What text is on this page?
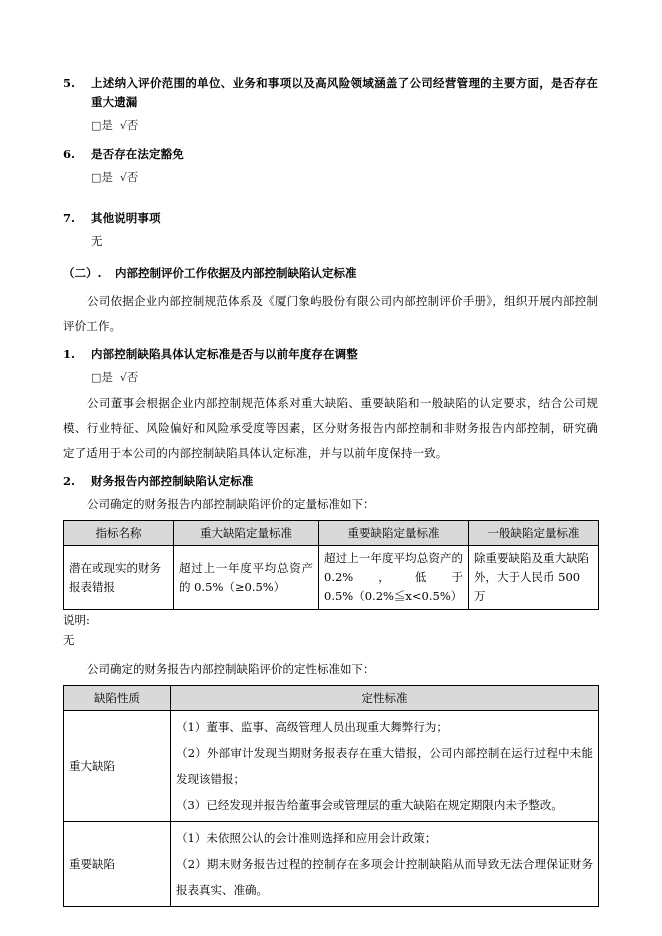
5.	上述纳入评价范围的单位、业务和事项以及高风险领域涵盖了公司经营管理的主要方面，是否存在重大遗漏
□是 √否
6.	是否存在法定豁免
□是 √否
7.	其他说明事项
无
（二）. 内部控制评价工作依据及内部控制缺陷认定标准
公司依据企业内部控制规范体系及《厦门象屿股份有限公司内部控制评价手册》，组织开展内部控制评价工作。
1.	内部控制缺陷具体认定标准是否与以前年度存在调整
□是 √否
公司董事会根据企业内部控制规范体系对重大缺陷、重要缺陷和一般缺陷的认定要求，结合公司规模、行业特征、风险偏好和风险承受度等因素，区分财务报告内部控制和非财务报告内部控制，研究确定了适用于本公司的内部控制缺陷具体认定标准，并与以前年度保持一致。
2.	财务报告内部控制缺陷认定标准
公司确定的财务报告内部控制缺陷评价的定量标准如下：
指标名称	重大缺陷定量标准	重要缺陷定量标准	一般缺陷定量标准
潜在或现实的财务报表错报	超过上一年度平均总资产的 0.5%（≥0.5%）	超过上一年度平均总资产的 0.2%，低于 0.5%（0.2%≦x<0.5%）	除重要缺陷及重大缺陷外，大于人民币 500 万
说明:
无
公司确定的财务报告内部控制缺陷评价的定性标准如下：
缺陷性质	定性标准
重大缺陷	（1）董事、监事、高级管理人员出现重大舞弊行为；
（2）外部审计发现当期财务报表存在重大错报，公司内部控制在运行过程中未能发现该错报；
（3）已经发现并报告给董事会或管理层的重大缺陷在规定期限内未予整改。

重要缺陷	（1）未依照公认的会计准则选择和应用会计政策；
（2）期末财务报告过程的控制存在多项会计控制缺陷从而导致无法合理保证财务报表真实、准确。
